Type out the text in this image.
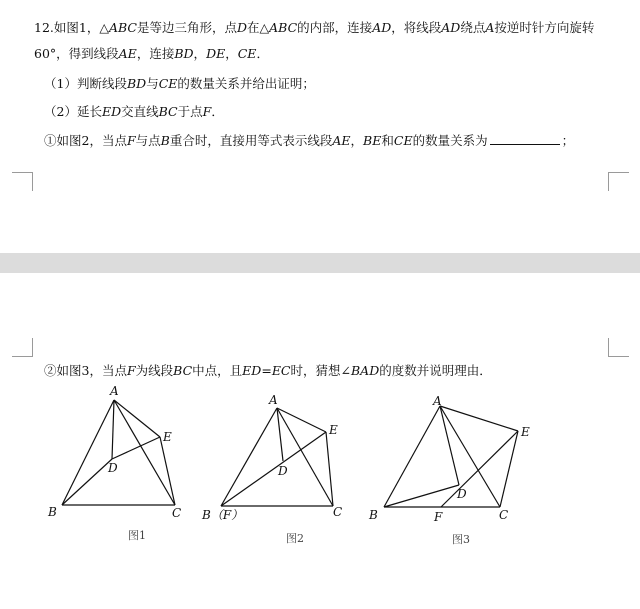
12.如图1，△ABC是等边三角形，点D在△ABC的内部，连接AD，将线段AD绕点A按逆时针方向旋转
60°，得到线段AE，连接BD，DE，CE．
（1）判断线段BD与CE的数量关系并给出证明；
（2）延长ED交直线BC于点F．
①如图2，当点F与点B重合时，直接用等式表示线段AE，BE和CE的数量关系为	；
②如图3，当点F为线段BC中点，且ED=EC时，猜想∠BAD的度数并说明理由．
A
B	C
D
E
图1
A
B（F）	C
D
E
图2
A
B	C
D
E
F
图3
